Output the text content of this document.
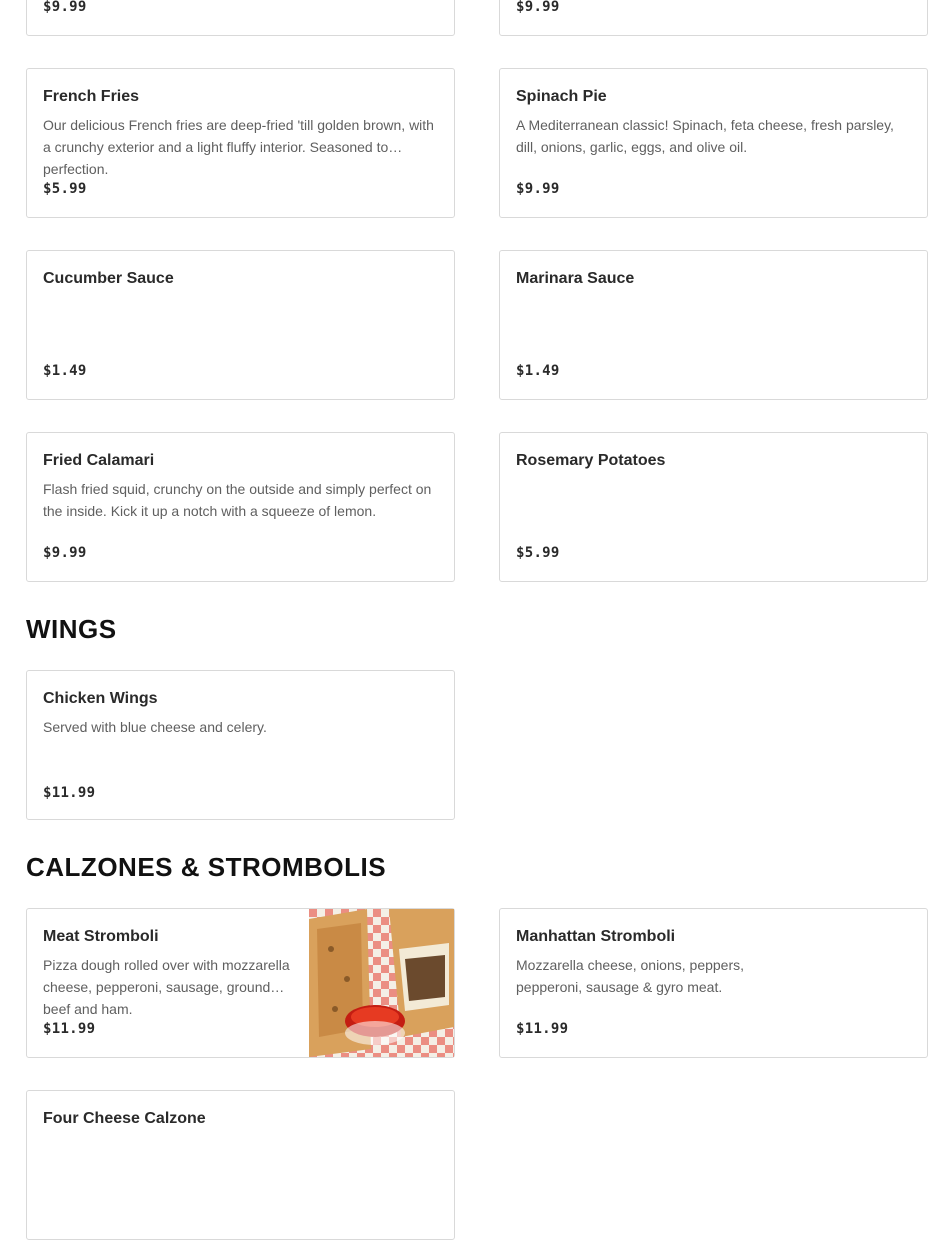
$9.99	$9.99
French Fries
Our delicious French fries are deep-fried 'till golden brown, with a crunchy exterior and a light fluffy interior. Seasoned to perfection.
$5.99
Spinach Pie
A Mediterranean classic! Spinach, feta cheese, fresh parsley, dill, onions, garlic, eggs, and olive oil.
$9.99
Cucumber Sauce
$1.49
Marinara Sauce
$1.49
Fried Calamari
Flash fried squid, crunchy on the outside and simply perfect on the inside. Kick it up a notch with a squeeze of lemon.
$9.99
Rosemary Potatoes
$5.99
WINGS
Chicken Wings
Served with blue cheese and celery.
$11.99
CALZONES & STROMBOLIS
Meat Stromboli
Pizza dough rolled over with mozzarella cheese, pepperoni, sausage, ground beef and ham.
$11.99
Manhattan Stromboli
Mozzarella cheese, onions, peppers, pepperoni, sausage & gyro meat.
$11.99
Four Cheese Calzone
